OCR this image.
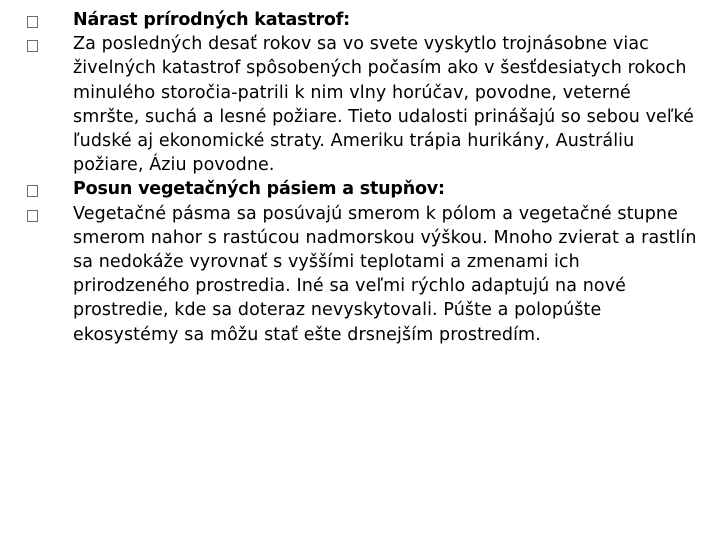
Nárast prírodných katastrof:
Za posledných desať rokov sa vo svete vyskytlo trojnásobne viac živelných katastrof spôsobených počasím ako v šesťdesiatych rokoch minulého storočia-patrili k nim vlny horúčav, povodne, veterné smršte, suchá a lesné požiare. Tieto udalosti prinášajú so sebou veľké ľudské aj ekonomické straty. Ameriku trápia hurikány, Austráliu požiare, Áziu povodne.
Posun vegetačných pásiem a stupňov:
Vegetačné pásma sa posúvajú smerom k pólom a vegetačné stupne smerom nahor s rastúcou nadmorskou výškou. Mnoho zvierat a rastlín sa nedokáže vyrovnať s vyššími teplotami a zmenami ich prirodzeného prostredia. Iné sa veľmi rýchlo adaptujú na nové prostredie, kde sa doteraz nevyskytovali. Púšte a polopúšte ekosystémy sa môžu stať ešte drsnejším prostredím.
